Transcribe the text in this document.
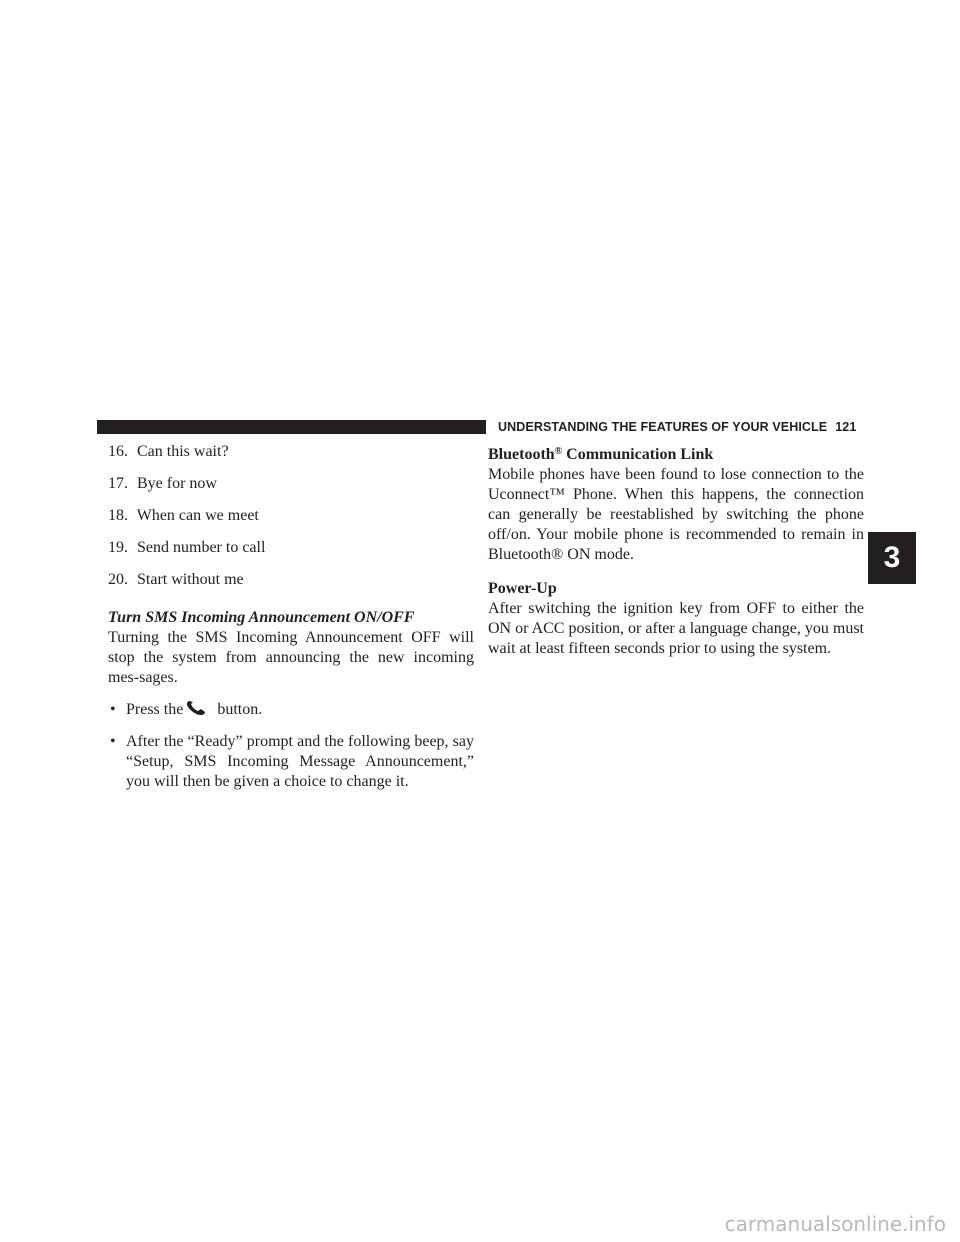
UNDERSTANDING THE FEATURES OF YOUR VEHICLE 121
16. Can this wait?
17. Bye for now
18. When can we meet
19. Send number to call
20. Start without me
Turn SMS Incoming Announcement ON/OFF

Turning the SMS Incoming Announcement OFF will stop the system from announcing the new incoming mes-sages.

• Press the button.
• After the “Ready” prompt and the following beep, say “Setup, SMS Incoming Message Announcement,” you will then be given a choice to change it.
Bluetooth® Communication Link

Mobile phones have been found to lose connection to the Uconnect™ Phone. When this happens, the connection can generally be reestablished by switching the phone off/on. Your mobile phone is recommended to remain in Bluetooth® ON mode.

Power-Up

After switching the ignition key from OFF to either the ON or ACC position, or after a language change, you must wait at least fifteen seconds prior to using the system.

3
carmanualsonline.info
